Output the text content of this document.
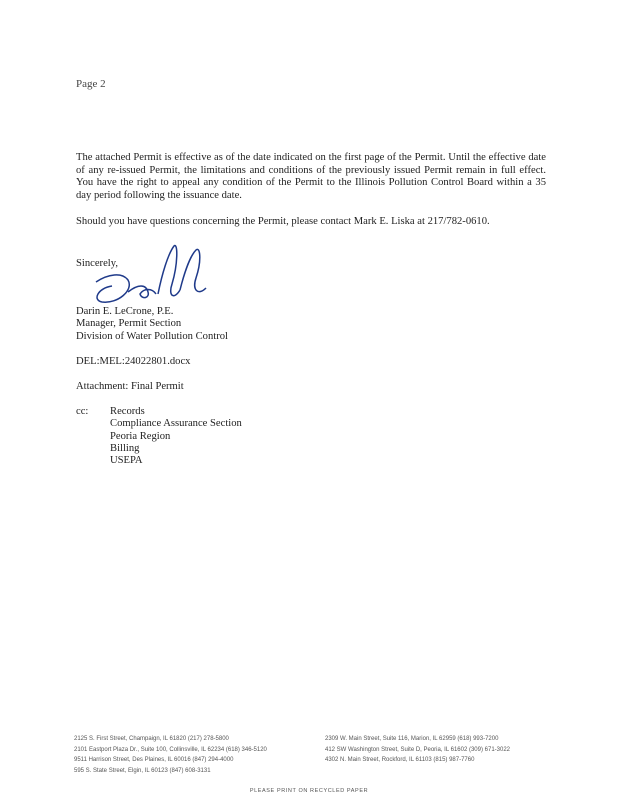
Page 2
The attached Permit is effective as of the date indicated on the first page of the Permit. Until the effective date of any re-issued Permit, the limitations and conditions of the previously issued Permit remain in full effect. You have the right to appeal any condition of the Permit to the Illinois Pollution Control Board within a 35 day period following the issuance date.
Should you have questions concerning the Permit, please contact Mark E. Liska at 217/782-0610.
Sincerely,
Darin E. LeCrone, P.E.
Manager, Permit Section
Division of Water Pollution Control
DEL:MEL:24022801.docx
Attachment: Final Permit
cc: Records
Compliance Assurance Section
Peoria Region
Billing
USEPA
2125 S. First Street, Champaign, IL 61820 (217) 278-5800
2101 Eastport Plaza Dr., Suite 100, Collinsville, IL 62234 (618) 346-5120
9511 Harrison Street, Des Plaines, IL 60016 (847) 294-4000
595 S. State Street, Elgin, IL 60123 (847) 608-3131
2309 W. Main Street, Suite 116, Marion, IL 62959 (618) 993-7200
412 SW Washington Street, Suite D, Peoria, IL 61602 (309) 671-3022
4302 N. Main Street, Rockford, IL 61103 (815) 987-7760
PLEASE PRINT ON RECYCLED PAPER
